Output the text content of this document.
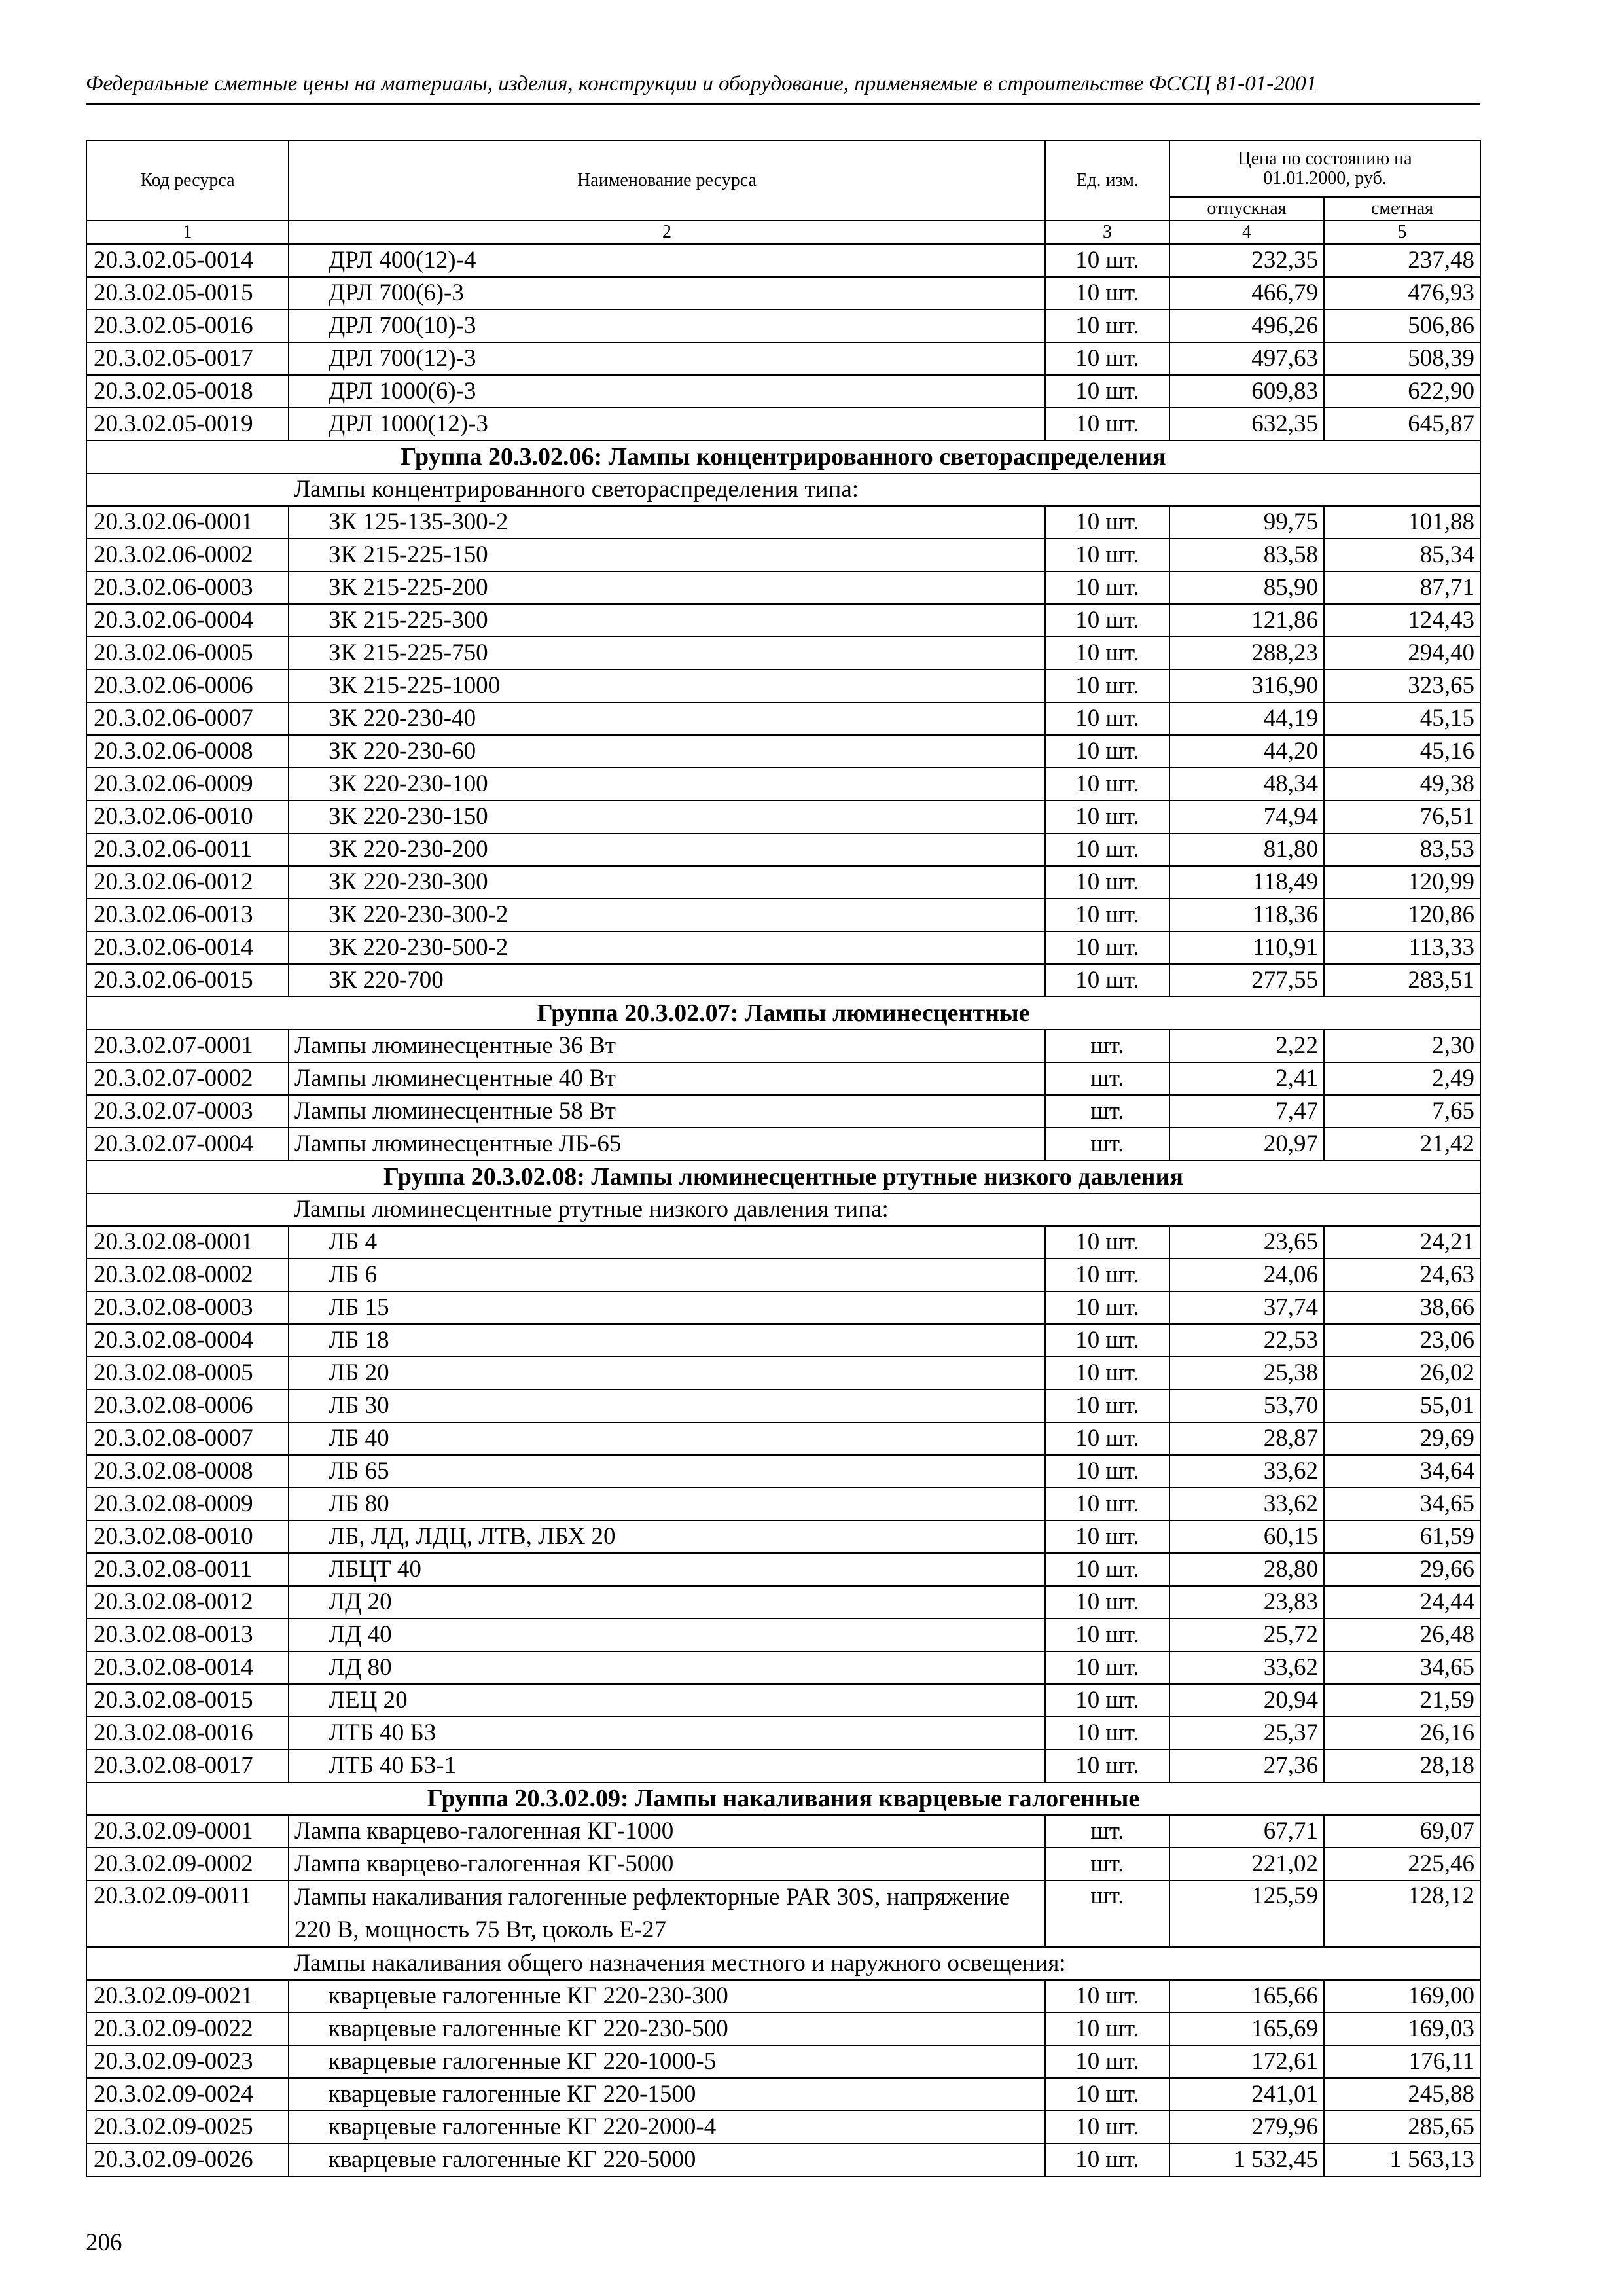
Федеральные сметные цены на материалы, изделия, конструкции и оборудование, применяемые в строительстве ФССЦ 81-01-2001
Код ресурса	Наименование ресурса	Ед. изм.	Цена по состоянию на 01.01.2000, руб.	
			отпускная	сметная
1	2	3	4	5
20.3.02.05-0014	ДРЛ 400(12)-4	10 шт.	232,35	237,48
20.3.02.05-0015	ДРЛ 700(6)-3	10 шт.	466,79	476,93
20.3.02.05-0016	ДРЛ 700(10)-3	10 шт.	496,26	506,86
20.3.02.05-0017	ДРЛ 700(12)-3	10 шт.	497,63	508,39
20.3.02.05-0018	ДРЛ 1000(6)-3	10 шт.	609,83	622,90
20.3.02.05-0019	ДРЛ 1000(12)-3	10 шт.	632,35	645,87
Группа 20.3.02.06: Лампы концентрированного светораспределения				
Лампы концентрированного светораспределения типа:				
20.3.02.06-0001	ЗК 125-135-300-2	10 шт.	99,75	101,88
20.3.02.06-0002	ЗК 215-225-150	10 шт.	83,58	85,34
20.3.02.06-0003	ЗК 215-225-200	10 шт.	85,90	87,71
20.3.02.06-0004	ЗК 215-225-300	10 шт.	121,86	124,43
20.3.02.06-0005	ЗК 215-225-750	10 шт.	288,23	294,40
20.3.02.06-0006	ЗК 215-225-1000	10 шт.	316,90	323,65
20.3.02.06-0007	ЗК 220-230-40	10 шт.	44,19	45,15
20.3.02.06-0008	ЗК 220-230-60	10 шт.	44,20	45,16
20.3.02.06-0009	ЗК 220-230-100	10 шт.	48,34	49,38
20.3.02.06-0010	ЗК 220-230-150	10 шт.	74,94	76,51
20.3.02.06-0011	ЗК 220-230-200	10 шт.	81,80	83,53
20.3.02.06-0012	ЗК 220-230-300	10 шт.	118,49	120,99
20.3.02.06-0013	ЗК 220-230-300-2	10 шт.	118,36	120,86
20.3.02.06-0014	ЗК 220-230-500-2	10 шт.	110,91	113,33
20.3.02.06-0015	ЗК 220-700	10 шт.	277,55	283,51
Группа 20.3.02.07: Лампы люминесцентные				
20.3.02.07-0001	Лампы люминесцентные 36 Вт	шт.	2,22	2,30
20.3.02.07-0002	Лампы люминесцентные 40 Вт	шт.	2,41	2,49
20.3.02.07-0003	Лампы люминесцентные 58 Вт	шт.	7,47	7,65
20.3.02.07-0004	Лампы люминесцентные ЛБ-65	шт.	20,97	21,42
Группа 20.3.02.08: Лампы люминесцентные ртутные низкого давления				
Лампы люминесцентные ртутные низкого давления типа:				
20.3.02.08-0001	ЛБ 4	10 шт.	23,65	24,21
20.3.02.08-0002	ЛБ 6	10 шт.	24,06	24,63
20.3.02.08-0003	ЛБ 15	10 шт.	37,74	38,66
20.3.02.08-0004	ЛБ 18	10 шт.	22,53	23,06
20.3.02.08-0005	ЛБ 20	10 шт.	25,38	26,02
20.3.02.08-0006	ЛБ 30	10 шт.	53,70	55,01
20.3.02.08-0007	ЛБ 40	10 шт.	28,87	29,69
20.3.02.08-0008	ЛБ 65	10 шт.	33,62	34,64
20.3.02.08-0009	ЛБ 80	10 шт.	33,62	34,65
20.3.02.08-0010	ЛБ, ЛД, ЛДЦ, ЛТВ, ЛБХ 20	10 шт.	60,15	61,59
20.3.02.08-0011	ЛБЦТ 40	10 шт.	28,80	29,66
20.3.02.08-0012	ЛД 20	10 шт.	23,83	24,44
20.3.02.08-0013	ЛД 40	10 шт.	25,72	26,48
20.3.02.08-0014	ЛД 80	10 шт.	33,62	34,65
20.3.02.08-0015	ЛЕЦ 20	10 шт.	20,94	21,59
20.3.02.08-0016	ЛТБ 40 БЗ	10 шт.	25,37	26,16
20.3.02.08-0017	ЛТБ 40 БЗ-1	10 шт.	27,36	28,18
Группа 20.3.02.09: Лампы накаливания кварцевые галогенные				
20.3.02.09-0001	Лампа кварцево-галогенная КГ-1000	шт.	67,71	69,07
20.3.02.09-0002	Лампа кварцево-галогенная КГ-5000	шт.	221,02	225,46
20.3.02.09-0011	Лампы накаливания галогенные рефлекторные PAR 30S, напряжение 220 В, мощность 75 Вт, цоколь Е-27	шт.	125,59	128,12
Лампы накаливания общего назначения местного и наружного освещения:				
20.3.02.09-0021	кварцевые галогенные КГ 220-230-300	10 шт.	165,66	169,00
20.3.02.09-0022	кварцевые галогенные КГ 220-230-500	10 шт.	165,69	169,03
20.3.02.09-0023	кварцевые галогенные КГ 220-1000-5	10 шт.	172,61	176,11
20.3.02.09-0024	кварцевые галогенные КГ 220-1500	10 шт.	241,01	245,88
20.3.02.09-0025	кварцевые галогенные КГ 220-2000-4	10 шт.	279,96	285,65
20.3.02.09-0026	кварцевые галогенные КГ 220-5000	10 шт.	1 532,45	1 563,13
206
